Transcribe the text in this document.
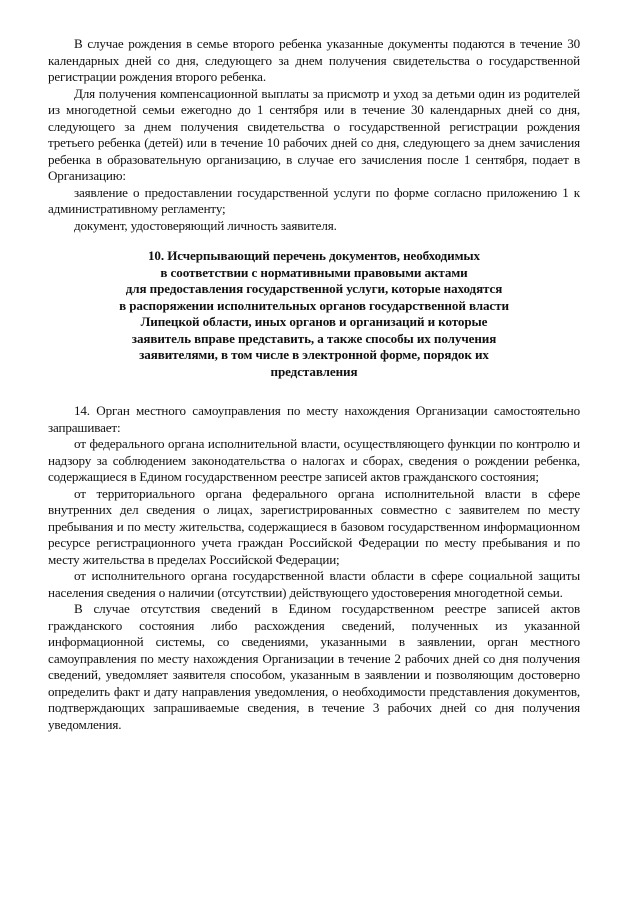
В случае рождения в семье второго ребенка указанные документы подаются в течение 30 календарных дней со дня, следующего за днем получения свидетельства о государственной регистрации рождения второго ребенка.

Для получения компенсационной выплаты за присмотр и уход за детьми один из родителей из многодетной семьи ежегодно до 1 сентября или в течение 30 календарных дней со дня, следующего за днем получения свидетельства о государственной регистрации рождения третьего ребенка (детей) или в течение 10 рабочих дней со дня, следующего за днем зачисления ребенка в образовательную организацию, в случае его зачисления после 1 сентября, подает в Организацию:

заявление о предоставлении государственной услуги по форме согласно приложению 1 к административному регламенту;

документ, удостоверяющий личность заявителя.

10. Исчерпывающий перечень документов, необходимых
в соответствии с нормативными правовыми актами
для предоставления государственной услуги, которые находятся
в распоряжении исполнительных органов государственной власти
Липецкой области, иных органов и организаций и которые
заявитель вправе представить, а также способы их получения
заявителями, в том числе в электронной форме, порядок их
представления

14. Орган местного самоуправления по месту нахождения Организации самостоятельно запрашивает:

от федерального органа исполнительной власти, осуществляющего функции по контролю и надзору за соблюдением законодательства о налогах и сборах, сведения о рождении ребенка, содержащиеся в Едином государственном реестре записей актов гражданского состояния;

от территориального органа федерального органа исполнительной власти в сфере внутренних дел сведения о лицах, зарегистрированных совместно с заявителем по месту пребывания и по месту жительства, содержащиеся в базовом государственном информационном ресурсе регистрационного учета граждан Российской Федерации по месту пребывания и по месту жительства в пределах Российской Федерации;

от исполнительного органа государственной власти области в сфере социальной защиты населения сведения о наличии (отсутствии) действующего удостоверения многодетной семьи.

В случае отсутствия сведений в Едином государственном реестре записей актов гражданского состояния либо расхождения сведений, полученных из указанной информационной системы, со сведениями, указанными в заявлении, орган местного самоуправления по месту нахождения Организации в течение 2 рабочих дней со дня получения сведений, уведомляет заявителя способом, указанным в заявлении и позволяющим достоверно определить факт и дату направления уведомления, о необходимости представления документов, подтверждающих запрашиваемые сведения, в течение 3 рабочих дней со дня получения уведомления.
